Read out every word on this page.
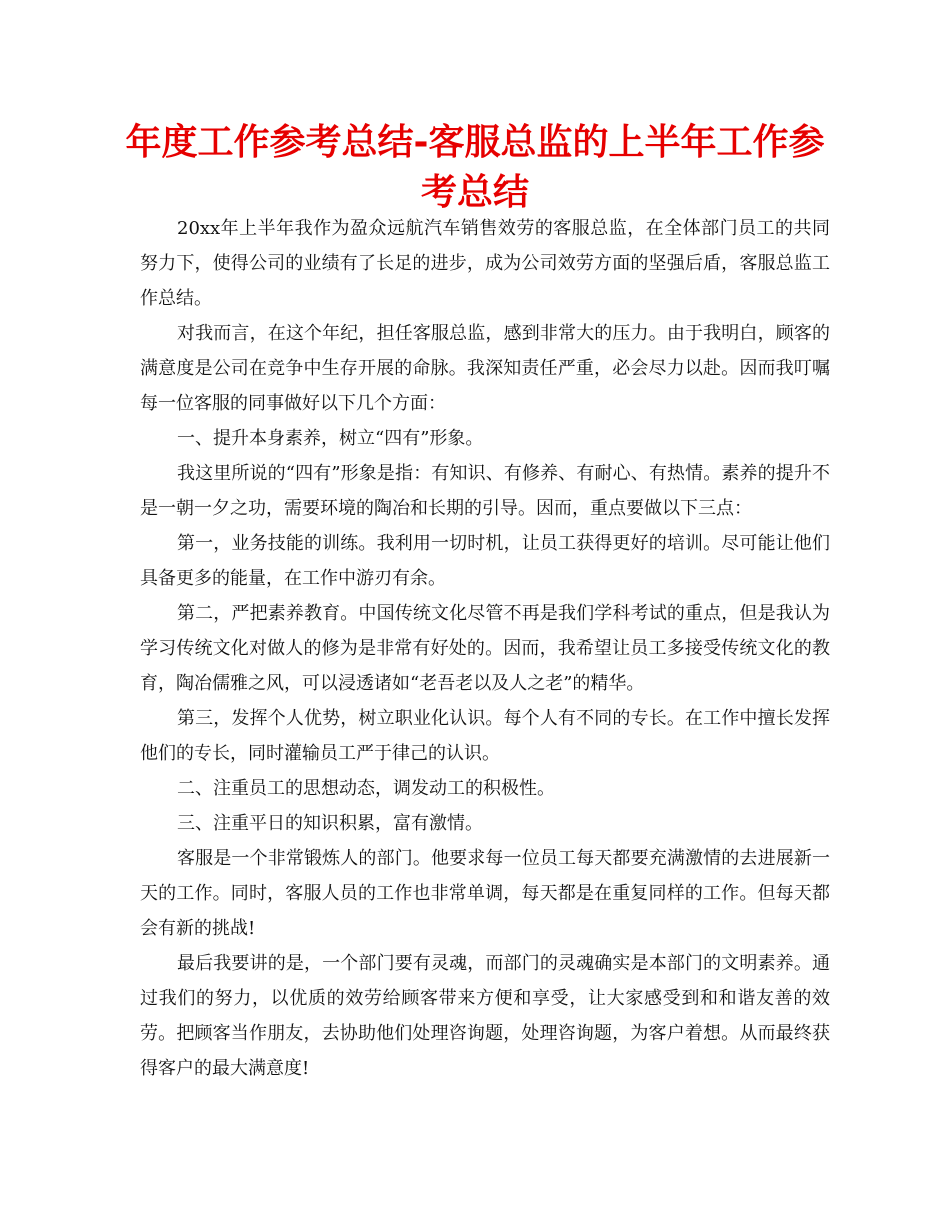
年度工作参考总结-客服总监的上半年工作参考总结

20xx年上半年我作为盈众远航汽车销售效劳的客服总监，在全体部门员工的共同努力下，使得公司的业绩有了长足的进步，成为公司效劳方面的坚强后盾，客服总监工作总结。

对我而言，在这个年纪，担任客服总监，感到非常大的压力。由于我明白，顾客的满意度是公司在竞争中生存开展的命脉。我深知责任严重，必会尽力以赴。因而我叮嘱每一位客服的同事做好以下几个方面：

一、提升本身素养，树立“四有”形象。

我这里所说的“四有”形象是指：有知识、有修养、有耐心、有热情。素养的提升不是一朝一夕之功，需要环境的陶冶和长期的引导。因而，重点要做以下三点：

第一，业务技能的训练。我利用一切时机，让员工获得更好的培训。尽可能让他们具备更多的能量，在工作中游刃有余。

第二，严把素养教育。中国传统文化尽管不再是我们学科考试的重点，但是我认为学习传统文化对做人的修为是非常有好处的。因而，我希望让员工多接受传统文化的教育，陶冶儒雅之风，可以浸透诸如“老吾老以及人之老”的精华。

第三，发挥个人优势，树立职业化认识。每个人有不同的专长。在工作中擅长发挥他们的专长，同时灌输员工严于律己的认识。

二、注重员工的思想动态，调发动工的积极性。

三、注重平日的知识积累，富有激情。

客服是一个非常锻炼人的部门。他要求每一位员工每天都要充满激情的去进展新一天的工作。同时，客服人员的工作也非常单调，每天都是在重复同样的工作。但每天都会有新的挑战!

最后我要讲的是，一个部门要有灵魂，而部门的灵魂确实是本部门的文明素养。通过我们的努力，以优质的效劳给顾客带来方便和享受，让大家感受到和和谐友善的效劳。把顾客当作朋友，去协助他们处理咨询题，处理咨询题，为客户着想。从而最终获得客户的最大满意度!
